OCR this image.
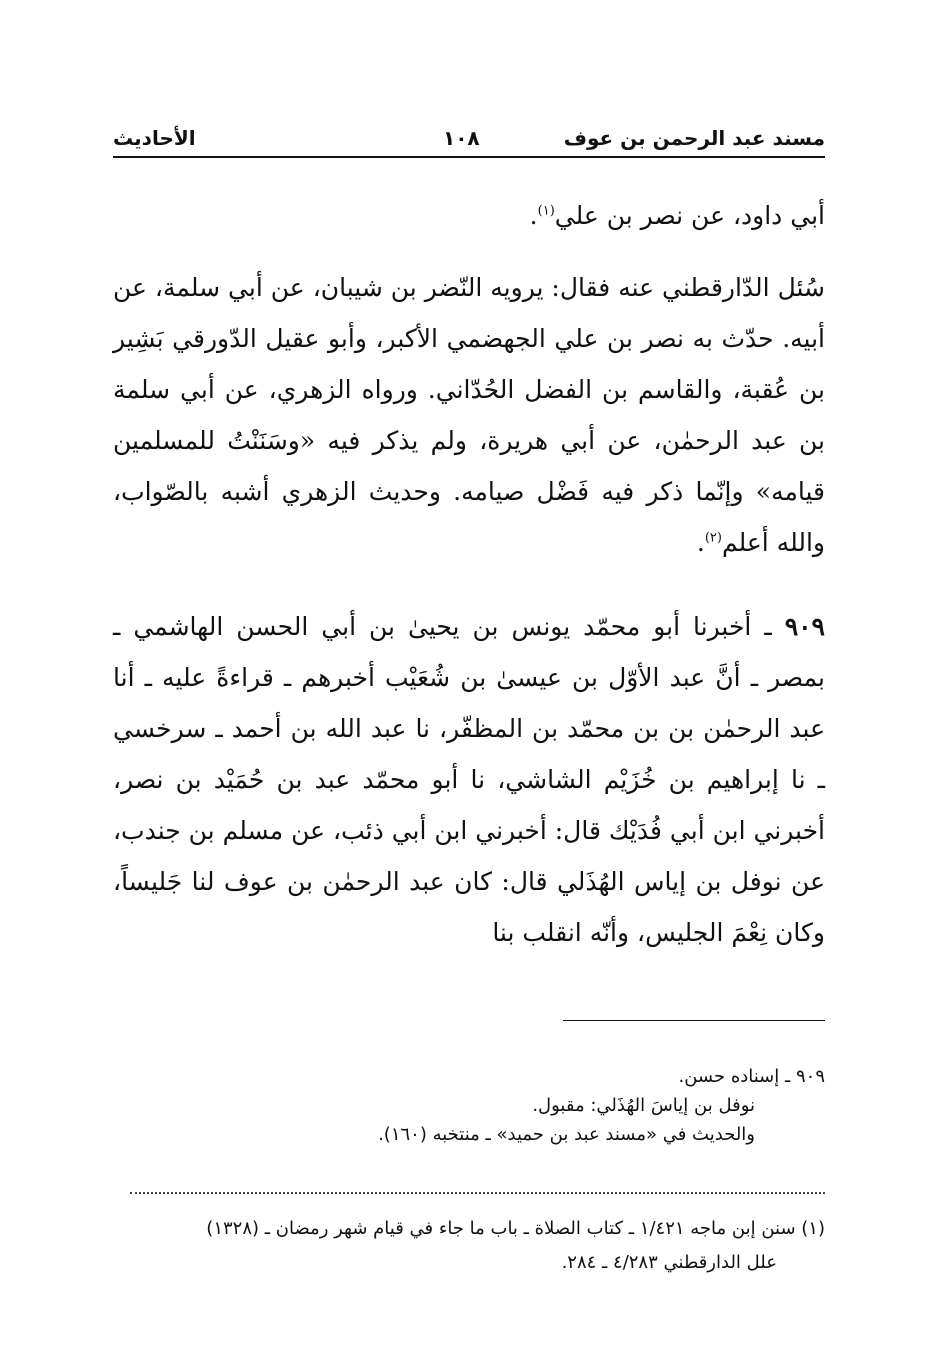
مسند عبد الرحمن بن عوف
١٠٨
الأحاديث
أبي داود، عن نصر بن علي$^{(١)}$.
سُئل الدّارقطني عنه فقال: يرويه النّضر بن شيبان، عن أبي سلمة، عن أبيه. حدّث به نصر بن علي الجهضمي الأكبر، وأبو عقيل الدّورقي بَشِير بن عُقبة، والقاسم بن الفضل الحُدّاني. ورواه الزهري، عن أبي سلمة بن عبد الرحمٰن، عن أبي هريرة، ولم يذكر فيه «وسَنَنْتُ للمسلمين قيامه» وإنّما ذكر فيه فَضْل صيامه. وحديث الزهري أشبه بالصّواب، والله أعلم$^{(٢)}$.
٩٠٩ ـ أخبرنا أبو محمّد يونس بن يحيىٰ بن أبي الحسن الهاشمي ـ بمصر ـ أنَّ عبد الأوّل بن عيسىٰ بن شُعَيْب أخبرهم ـ قراءةً عليه ـ أنا عبد الرحمٰن بن بن محمّد بن المظفّر، نا عبد الله بن أحمد ـ سرخسي ـ نا إبراهيم بن خُزَيْم الشاشي، نا أبو محمّد عبد بن حُمَيْد بن نصر، أخبرني ابن أبي فُدَيْك قال: أخبرني ابن أبي ذئب، عن مسلم بن جندب، عن نوفل بن إياس الهُذَلي قال: كان عبد الرحمٰن بن عوف لنا جَليساً، وكان نِعْمَ الجليس، وأنّه انقلب بنا
٩٠٩ ـ إسناده حسن.
نوفل بن إياسَ الهُذَلي: مقبول.
والحديث في «مسند عبد بن حميد» ـ منتخبه (١٦٠).
(١) سنن إبن ماجه ١/٤٢١ ـ كتاب الصلاة ـ باب ما جاء في قيام شهر رمضان ـ (١٣٢٨)
علل الدارقطني ٤/٢٨٣ ـ ٢٨٤.
